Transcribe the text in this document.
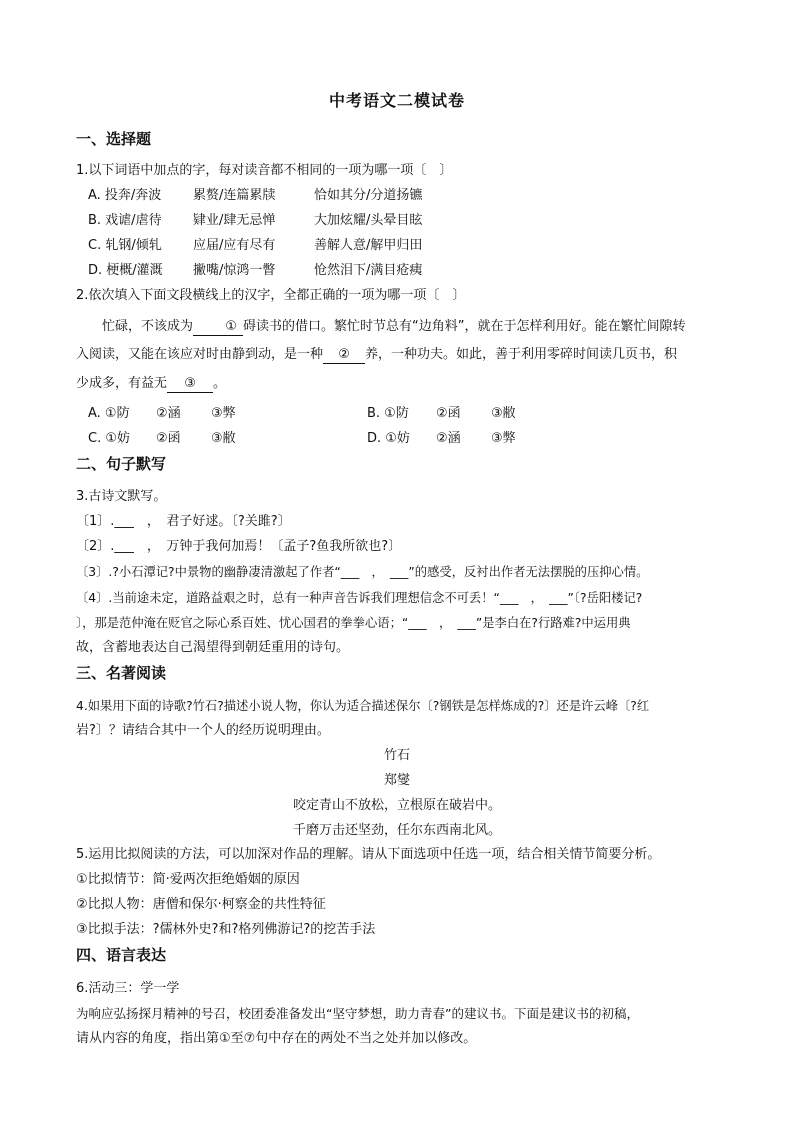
中考语文二模试卷
一、选择题
1.以下词语中加点的字，每对读音都不相同的一项为哪一项〔　〕
A. 投奔/奔波 累赘/连篇累牍	恰如其分/分道扬镳
B. 戏谑/虐待 肄业/肆无忌惮	大加炫耀/头晕目眩
C. 轧钢/倾轧 应届/应有尽有	善解人意/解甲归田
D. 梗概/灌溉 撇嘴/惊鸿一瞥	怆然泪下/满目疮痍
2.依次填入下面文段横线上的汉字，全都正确的一项为哪一项〔　〕
忙碌，不该成为 ① 碍读书的借口。繁忙时节总有“边角料”，就在于怎样利用好。能在繁忙间隙转
入阅读，又能在该应对时由静到动，是一种 ② 养，一种功夫。如此，善于利用零碎时间读几页书，积
少成多，有益无 ③ 。
A. ①防 ②涵 ③弊	B. ①防 ②函 ③敝
C. ①妨 ②函 ③敝	D. ①妨 ②涵 ③弊
二、句子默写
3.古诗文默写。
〔1〕.___　，　君子好逑。〔?关雎?〕
〔2〕.___　，　万钟于我何加焉！〔孟子?鱼我所欲也?〕
〔3〕.?小石潭记?中景物的幽静凄清激起了作者“___　，　___”的感受，反衬出作者无法摆脱的压抑心情。
〔4〕.当前途未定，道路益艰之时，总有一种声音告诉我们理想信念不可丢！“___　，　___”〔?岳阳楼记?
〕，那是范仲淹在贬官之际心系百姓、忧心国君的拳拳心语；“___　，　___”是李白在?行路难?中运用典
故，含蓄地表达自己渴望得到朝廷重用的诗句。
三、名著阅读
4.如果用下面的诗歌?竹石?描述小说人物，你认为适合描述保尔〔?钢铁是怎样炼成的?〕还是许云峰〔?红
岩?〕？请结合其中一个人的经历说明理由。
竹石
郑燮
咬定青山不放松，立根原在破岩中。
千磨万击还坚劲，任尔东西南北风。
5.运用比拟阅读的方法，可以加深对作品的理解。请从下面选项中任选一项，结合相关情节简要分析。
①比拟情节：简·爱两次拒绝婚姻的原因
②比拟人物：唐僧和保尔·柯察金的共性特征
③比拟手法：?儒林外史?和?格列佛游记?的挖苦手法
四、语言表达
6.活动三：学一学
为响应弘扬探月精神的号召，校团委准备发出“坚守梦想，助力青春”的建议书。下面是建议书的初稿，
请从内容的角度，指出第①至⑦句中存在的两处不当之处并加以修改。
